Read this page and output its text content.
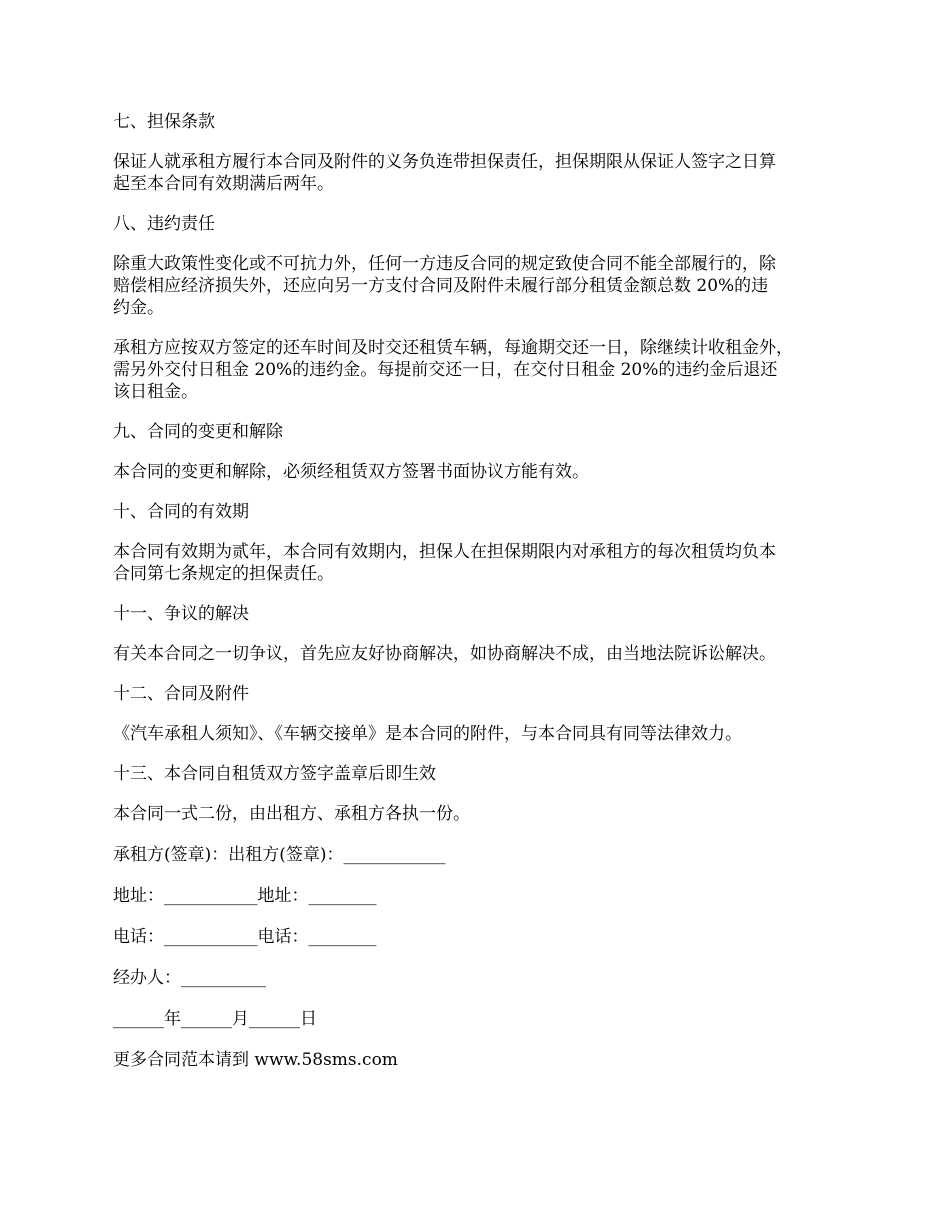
七、担保条款

保证人就承租方履行本合同及附件的义务负连带担保责任，担保期限从保证人签字之日算

起至本合同有效期满后两年。

八、违约责任

除重大政策性变化或不可抗力外，任何一方违反合同的规定致使合同不能全部履行的，除

赔偿相应经济损失外，还应向另一方支付合同及附件未履行部分租赁金额总数 20%的违

约金。

承租方应按双方签定的还车时间及时交还租赁车辆，每逾期交还一日，除继续计收租金外，

需另外交付日租金 20%的违约金。每提前交还一日，在交付日租金 20%的违约金后退还

该日租金。

九、合同的变更和解除

本合同的变更和解除，必须经租赁双方签署书面协议方能有效。

十、合同的有效期

本合同有效期为贰年，本合同有效期内，担保人在担保期限内对承租方的每次租赁均负本

合同第七条规定的担保责任。

十一、争议的解决

有关本合同之一切争议，首先应友好协商解决，如协商解决不成，由当地法院诉讼解决。

十二、合同及附件

《汽车承租人须知》、《车辆交接单》是本合同的附件，与本合同具有同等法律效力。

十三、本合同自租赁双方签字盖章后即生效

本合同一式二份，由出租方、承租方各执一份。

承租方(签章)：出租方(签章)：____________

地址：___________地址：________

电话：___________电话：________

经办人：__________

______年______月______日

更多合同范本请到 www.58sms.com
